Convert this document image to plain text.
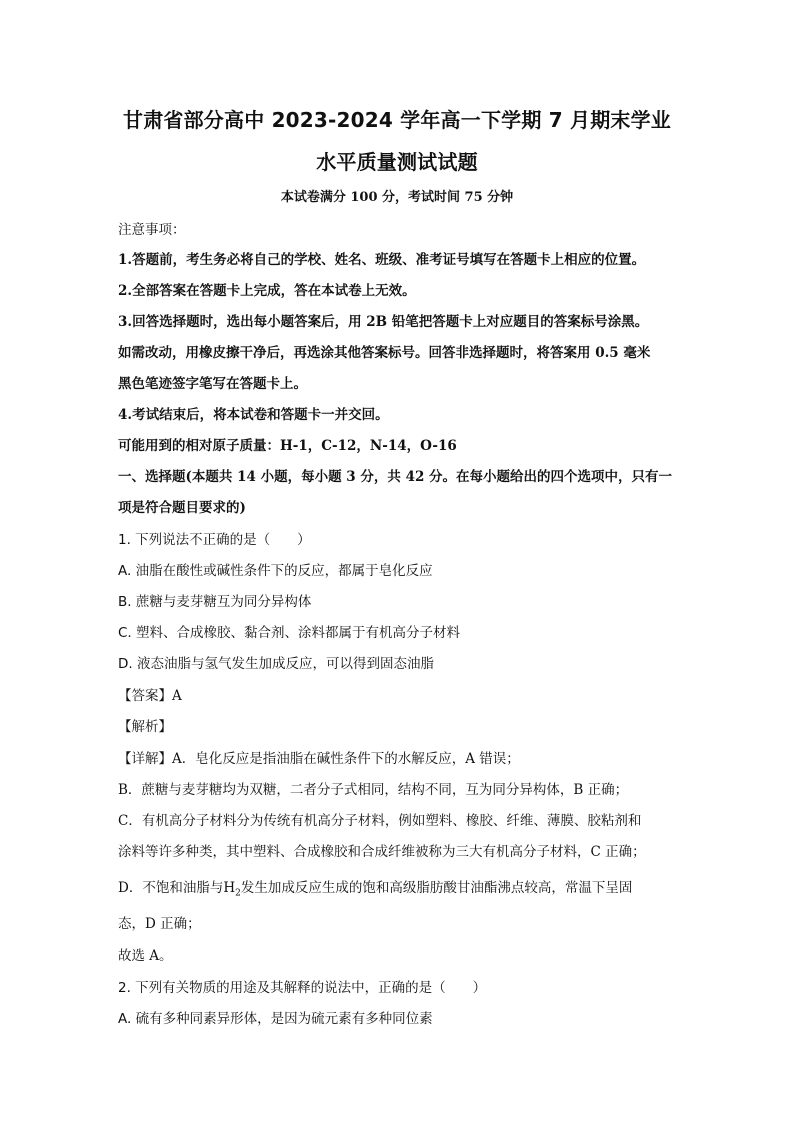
甘肃省部分高中 2023-2024 学年高一下学期 7 月期末学业
水平质量测试试题
本试卷满分 100 分，考试时间 75 分钟
注意事项：
1.答题前，考生务必将自己的学校、姓名、班级、准考证号填写在答题卡上相应的位置。
2.全部答案在答题卡上完成，答在本试卷上无效。
3.回答选择题时，选出每小题答案后，用 2B 铅笔把答题卡上对应题目的答案标号涂黑。
如需改动，用橡皮擦干净后，再选涂其他答案标号。回答非选择题时，将答案用 0.5 毫米
黑色笔迹签字笔写在答题卡上。
4.考试结束后，将本试卷和答题卡一并交回。
可能用到的相对原子质量：H-1，C-12，N-14，O-16
一、选择题(本题共 14 小题，每小题 3 分，共 42 分。在每小题给出的四个选项中，只有一
项是符合题目要求的)
1. 下列说法不正确的是（　　）
A. 油脂在酸性或碱性条件下的反应，都属于皂化反应
B. 蔗糖与麦芽糖互为同分异构体
C. 塑料、合成橡胶、黏合剂、涂料都属于有机高分子材料
D. 液态油脂与氢气发生加成反应，可以得到固态油脂
【答案】A
【解析】
【详解】A．皂化反应是指油脂在碱性条件下的水解反应，A 错误；
B．蔗糖与麦芽糖均为双糖，二者分子式相同，结构不同，互为同分异构体，B 正确；
C．有机高分子材料分为传统有机高分子材料，例如塑料、橡胶、纤维、薄膜、胶粘剂和
涂料等许多种类，其中塑料、合成橡胶和合成纤维被称为三大有机高分子材料，C 正确；
D．不饱和油脂与$H_2$发生加成反应生成的饱和高级脂肪酸甘油酯沸点较高，常温下呈固
态，D 正确；
故选 A。
2. 下列有关物质的用途及其解释的说法中，正确的是（　　）
A. 硫有多种同素异形体，是因为硫元素有多种同位素
